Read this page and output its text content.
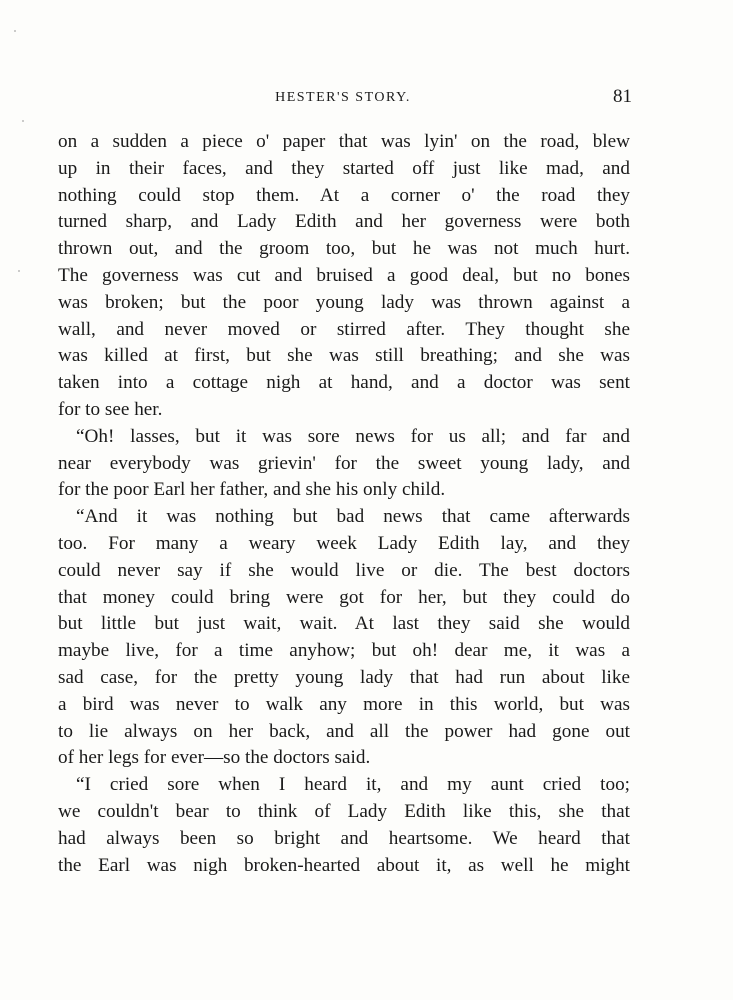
HESTER'S STORY.	81
on a sudden a piece o' paper that was lyin' on the road, blew
up in their faces, and they started off just like mad, and
nothing could stop them. At a corner o' the road they
turned sharp, and Lady Edith and her governess were both
thrown out, and the groom too, but he was not much hurt.
The governess was cut and bruised a good deal, but no bones
was broken; but the poor young lady was thrown against a
wall, and never moved or stirred after. They thought she
was killed at first, but she was still breathing; and she was
taken into a cottage nigh at hand, and a doctor was sent
for to see her.
“Oh! lasses, but it was sore news for us all; and far and
near everybody was grievin' for the sweet young lady, and
for the poor Earl her father, and she his only child.
“And it was nothing but bad news that came afterwards
too. For many a weary week Lady Edith lay, and they
could never say if she would live or die. The best doctors
that money could bring were got for her, but they could do
but little but just wait, wait. At last they said she would
maybe live, for a time anyhow; but oh! dear me, it was a
sad case, for the pretty young lady that had run about like
a bird was never to walk any more in this world, but was
to lie always on her back, and all the power had gone out
of her legs for ever—so the doctors said.
“I cried sore when I heard it, and my aunt cried too;
we couldn't bear to think of Lady Edith like this, she that
had always been so bright and heartsome. We heard that
the Earl was nigh broken-hearted about it, as well he might
